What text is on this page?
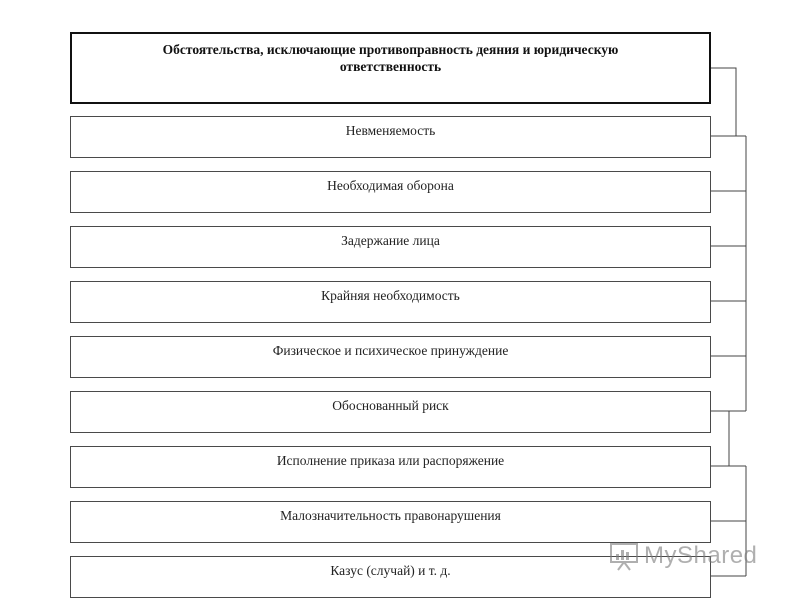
Обстоятельства, исключающие противоправность деяния и юридическую ответственность
Невменяемость
Необходимая оборона
Задержание лица
Крайняя необходимость
Физическое и психическое принуждение
Обоснованный риск
Исполнение приказа или распоряжение
Малозначительность правонарушения
Казус (случай) и т. д.
MyShared
